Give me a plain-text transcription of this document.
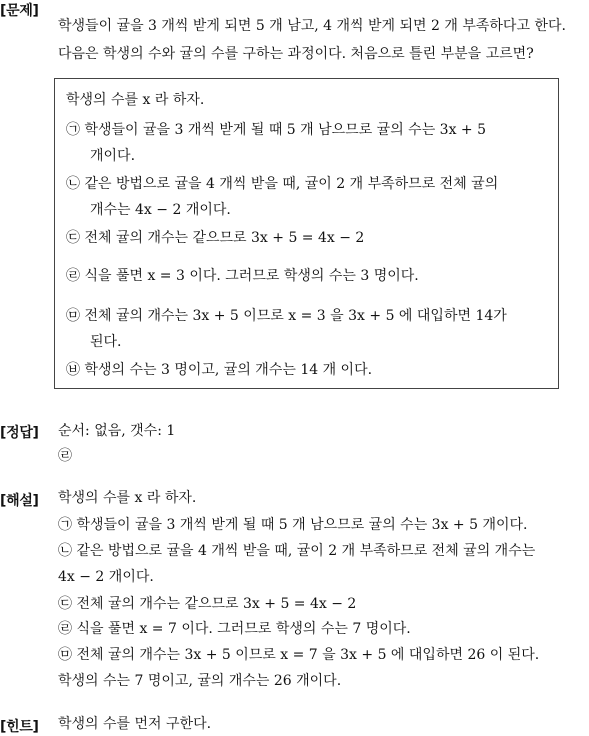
[문제]
학생들이 귤을 3 개씩 받게 되면 5 개 남고, 4 개씩 받게 되면 2 개 부족하다고 한다.
다음은 학생의 수와 귤의 수를 구하는 과정이다. 처음으로 틀린 부분을 고르면?
학생의 수를 x 라 하자.
㉠ 학생들이 귤을 3 개씩 받게 될 때 5 개 남으므로 귤의 수는 3x + 5
개이다.
㉡ 같은 방법으로 귤을 4 개씩 받을 때, 귤이 2 개 부족하므로 전체 귤의
개수는 4x − 2 개이다.
㉢ 전체 귤의 개수는 같으므로 3x + 5 = 4x − 2
㉣ 식을 풀면 x = 3 이다. 그러므로 학생의 수는 3 명이다.
㉤ 전체 귤의 개수는 3x + 5 이므로 x = 3 을 3x + 5 에 대입하면 14가
된다.
㉥ 학생의 수는 3 명이고, 귤의 개수는 14 개 이다.
[정답] 순서: 없음, 갯수: 1
㉣
[해설] 학생의 수를 x 라 하자.
㉠ 학생들이 귤을 3 개씩 받게 될 때 5 개 남으므로 귤의 수는 3x + 5 개이다.
㉡ 같은 방법으로 귤을 4 개씩 받을 때, 귤이 2 개 부족하므로 전체 귤의 개수는
4x − 2 개이다.
㉢ 전체 귤의 개수는 같으므로 3x + 5 = 4x − 2
㉣ 식을 풀면 x = 7 이다. 그러므로 학생의 수는 7 명이다.
㉤ 전체 귤의 개수는 3x + 5 이므로 x = 7 을 3x + 5 에 대입하면 26 이 된다.
학생의 수는 7 명이고, 귤의 개수는 26 개이다.
[힌트] 학생의 수를 먼저 구한다.
